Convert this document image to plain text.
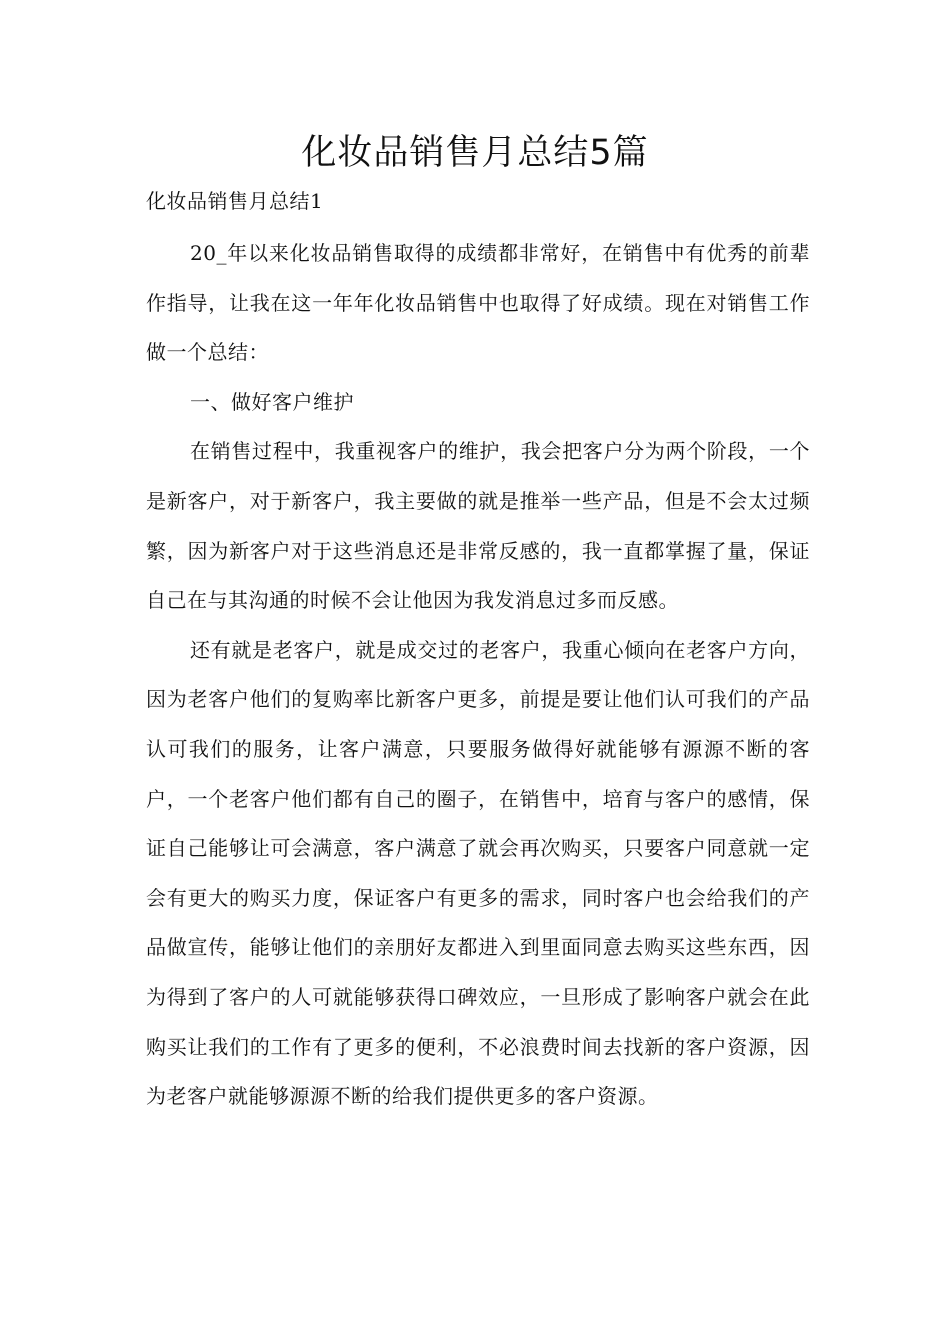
化妆品销售月总结5篇

化妆品销售月总结1

20_年以来化妆品销售取得的成绩都非常好，在销售中有优秀的前辈作指导，让我在这一年年化妆品销售中也取得了好成绩。现在对销售工作做一个总结：

一、做好客户维护

在销售过程中，我重视客户的维护，我会把客户分为两个阶段，一个是新客户，对于新客户，我主要做的就是推举一些产品，但是不会太过频繁，因为新客户对于这些消息还是非常反感的，我一直都掌握了量，保证自己在与其沟通的时候不会让他因为我发消息过多而反感。

还有就是老客户，就是成交过的老客户，我重心倾向在老客户方向，因为老客户他们的复购率比新客户更多，前提是要让他们认可我们的产品认可我们的服务，让客户满意，只要服务做得好就能够有源源不断的客户，一个老客户他们都有自己的圈子，在销售中，培育与客户的感情，保证自己能够让可会满意，客户满意了就会再次购买，只要客户同意就一定会有更大的购买力度，保证客户有更多的需求，同时客户也会给我们的产品做宣传，能够让他们的亲朋好友都进入到里面同意去购买这些东西，因为得到了客户的人可就能够获得口碑效应，一旦形成了影响客户就会在此购买让我们的工作有了更多的便利，不必浪费时间去找新的客户资源，因为老客户就能够源源不断的给我们提供更多的客户资源。
